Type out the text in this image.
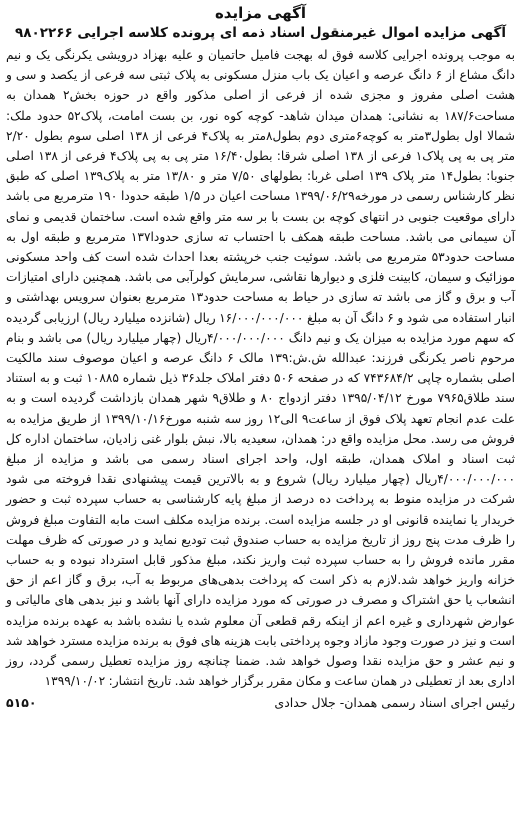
آگهی مزایده
آگهی مزایده اموال غیرمنقول اسناد ذمه ای پرونده کلاسه اجرایی ۹۸۰۲۲۶۶

به موجب پرونده اجرایی کلاسه فوق له بهجت فامیل حاتمیان و علیه بهزاد درویشی یکرنگی یک و نیم دانگ مشاع از ۶ دانگ عرصه و اعیان یک باب منزل مسکونی به پلاک ثبتی سه فرعی از یکصد و سی و هشت اصلی مفروز و مجزی شده از فرعی از اصلی مذکور واقع در حوزه بخش۲ همدان به مساحت۱۸۷/۶ به نشانی: همدان میدان شاهد- کوچه کوه نور، بن بست امامت، پلاک۵۲ حدود ملک: شمالا اول بطول۳متر به کوچه۶متری دوم بطول۸متر به پلاک۴ فرعی از ۱۳۸ اصلی سوم بطول ۲/۲۰ متر پی به پی پلاک۱ فرعی از ۱۳۸ اصلی شرقا: بطول۱۶/۴۰ متر پی به پی پلاک۴ فرعی از ۱۳۸ اصلی جنوبا: بطول۱۴ متر پلاک ۱۳۹ اصلی غربا: بطولهای ۷/۵۰ متر و ۱۳/۸۰ متر به پلاک۱۳۹ اصلی که طبق نظر کارشناس رسمی در مورخه۱۳۹۹/۰۶/۲۹ مساحت اعیان در ۱/۵ طبقه حدودا ۱۹۰ مترمربع می باشد دارای موقعیت جنوبی در انتهای کوچه بن بست با بر سه متر واقع شده است. ساختمان قدیمی و نمای آن سیمانی می باشد. مساحت طبقه همکف با احتساب ته سازی حدودا۱۳۷ مترمربع و طبقه اول به مساحت حدود۵۳ مترمربع می باشد. سوئیت جنب خرپشته بعدا احداث شده است کف واحد مسکونی موزائیک و سیمان، کابینت فلزی و دیوارها نقاشی، سرمایش کولرآبی می باشد. همچنین دارای امتیازات آب و برق و گاز می باشد ته سازی در حیاط به مساحت حدود۱۳ مترمربع بعنوان سرویس بهداشتی و انبار استفاده می شود و ۶ دانگ آن به مبلغ ۱۶/۰۰۰/۰۰۰/۰۰۰ ریال (شانزده میلیارد ریال) ارزیابی گردیده که سهم مورد مزایده به میزان یک و نیم دانگ ۴/۰۰۰/۰۰۰/۰۰۰ریال (چهار میلیارد ریال) می باشد و بنام مرحوم ناصر یکرنگی فرزند: عبدالله ش.ش:۱۳۹ مالک ۶ دانگ عرصه و اعیان موصوف سند مالکیت اصلی بشماره چاپی ۷۴۳۶۸۴/۲ که در صفحه ۵۰۶ دفتر املاک جلد۳۶ ذیل شماره ۱۰۸۸۵ ثبت و به استناد سند طلاق۷۹۶۵ مورخ ۱۳۹۵/۰۴/۱۲ دفتر ازدواج ۸۰ و طلاق۹ شهر همدان بازداشت گردیده است و به علت عدم انجام تعهد پلاک فوق از ساعت۹ الی۱۲ روز سه شنبه مورخ۱۳۹۹/۱۰/۱۶ از طریق مزایده به فروش می رسد. محل مزایده واقع در: همدان، سعیدیه بالا، نبش بلوار غنی زادیان، ساختمان اداره کل ثبت اسناد و املاک همدان، طبقه اول، واحد اجرای اسناد رسمی می باشد و مزایده از مبلغ ۴/۰۰۰/۰۰۰/۰۰۰ریال (چهار میلیارد ریال) شروع و به بالاترین قیمت پیشنهادی نقدا فروخته می شود شرکت در مزایده منوط به پرداخت ده درصد از مبلغ پایه کارشناسی به حساب سپرده ثبت و حضور خریدار یا نماینده قانونی او در جلسه مزایده است. برنده مزایده مکلف است مابه التفاوت مبلغ فروش را ظرف مدت پنج روز از تاریخ مزایده به حساب صندوق ثبت تودیع نماید و در صورتی که ظرف مهلت مقرر مانده فروش را به حساب سپرده ثبت واریز نکند، مبلغ مذکور قابل استرداد نبوده و به حساب خزانه واریز خواهد شد.لازم به ذکر است که پرداخت بدهی‌های مربوط به آب، برق و گاز اعم از حق انشعاب یا حق اشتراک و مصرف در صورتی که مورد مزایده دارای آنها باشد و نیز بدهی های مالیاتی و عوارض شهرداری و غیره اعم از اینکه رقم قطعی آن معلوم شده یا نشده باشد به عهده برنده مزایده است و نیز در صورت وجود مازاد وجوه پرداختی بابت هزینه های فوق به برنده مزایده مسترد خواهد شد و نیم عشر و حق مزایده نقدا وصول خواهد شد. ضمنا چنانچه روز مزایده تعطیل رسمی گردد، روز اداری بعد از تعطیلی در همان ساعت و مکان مقرر برگزار خواهد شد. تاریخ انتشار: ۱۳۹۹/۱۰/۰۲

رئیس اجرای اسناد رسمی همدان- جلال حدادی
۵۱۵۰
